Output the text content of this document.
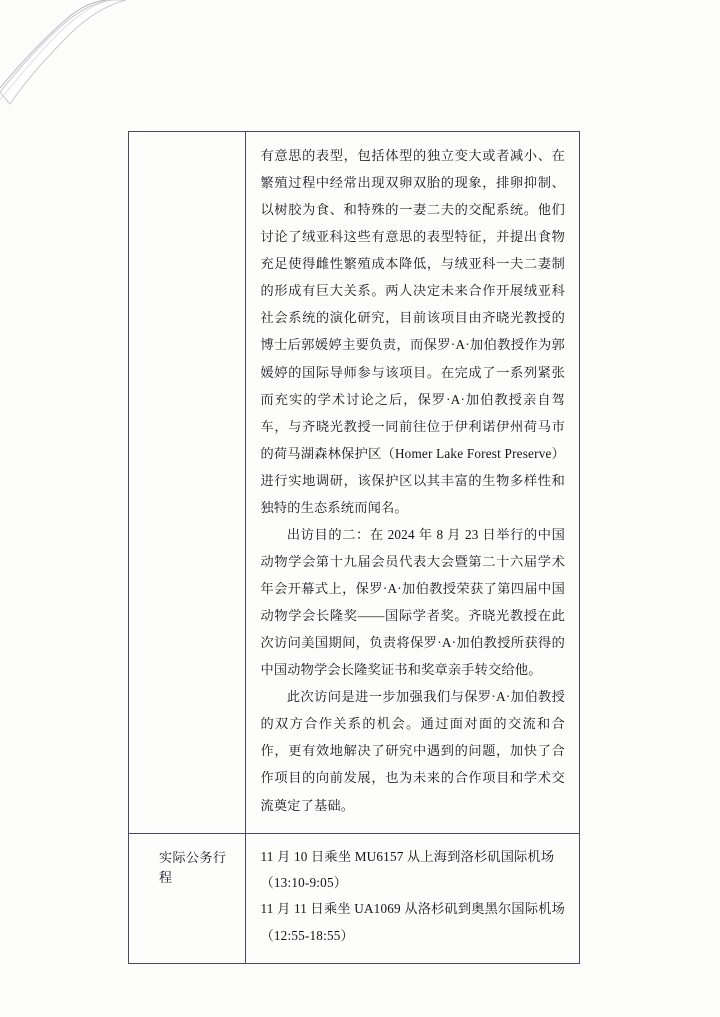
	有意思的表型，包括体型的独立变大或者减小、在繁殖过程中经常出现双卵双胎的现象，排卵抑制、以树胶为食、和特殊的一妻二夫的交配系统。他们讨论了绒亚科这些有意思的表型特征，并提出食物充足使得雌性繁殖成本降低，与绒亚科一夫二妻制的形成有巨大关系。两人决定未来合作开展绒亚科社会系统的演化研究，目前该项目由齐晓光教授的博士后郭媛婷主要负责，而保罗·A·加伯教授作为郭媛婷的国际导师参与该项目。在完成了一系列紧张而充实的学术讨论之后，保罗·A·加伯教授亲自驾车，与齐晓光教授一同前往位于伊利诺伊州荷马市的荷马湖森林保护区（Homer Lake Forest Preserve）进行实地调研，该保护区以其丰富的生物多样性和独特的生态系统而闻名。

出访目的二：在 2024 年 8 月 23 日举行的中国动物学会第十九届会员代表大会暨第二十六届学术年会开幕式上，保罗·A·加伯教授荣获了第四届中国动物学会长隆奖——国际学者奖。齐晓光教授在此次访问美国期间，负责将保罗·A·加伯教授所获得的中国动物学会长隆奖证书和奖章亲手转交给他。

此次访问是进一步加强我们与保罗·A·加伯教授的双方合作关系的机会。通过面对面的交流和合作，更有效地解决了研究中遇到的问题，加快了合作项目的向前发展，也为未来的合作项目和学术交流奠定了基础。

实际公务行程	11 月 10 日乘坐 MU6157 从上海到洛杉矶国际机场

（13:10-9:05）

11 月 11 日乘坐 UA1069 从洛杉矶到奥黑尔国际机场

（12:55-18:55）
